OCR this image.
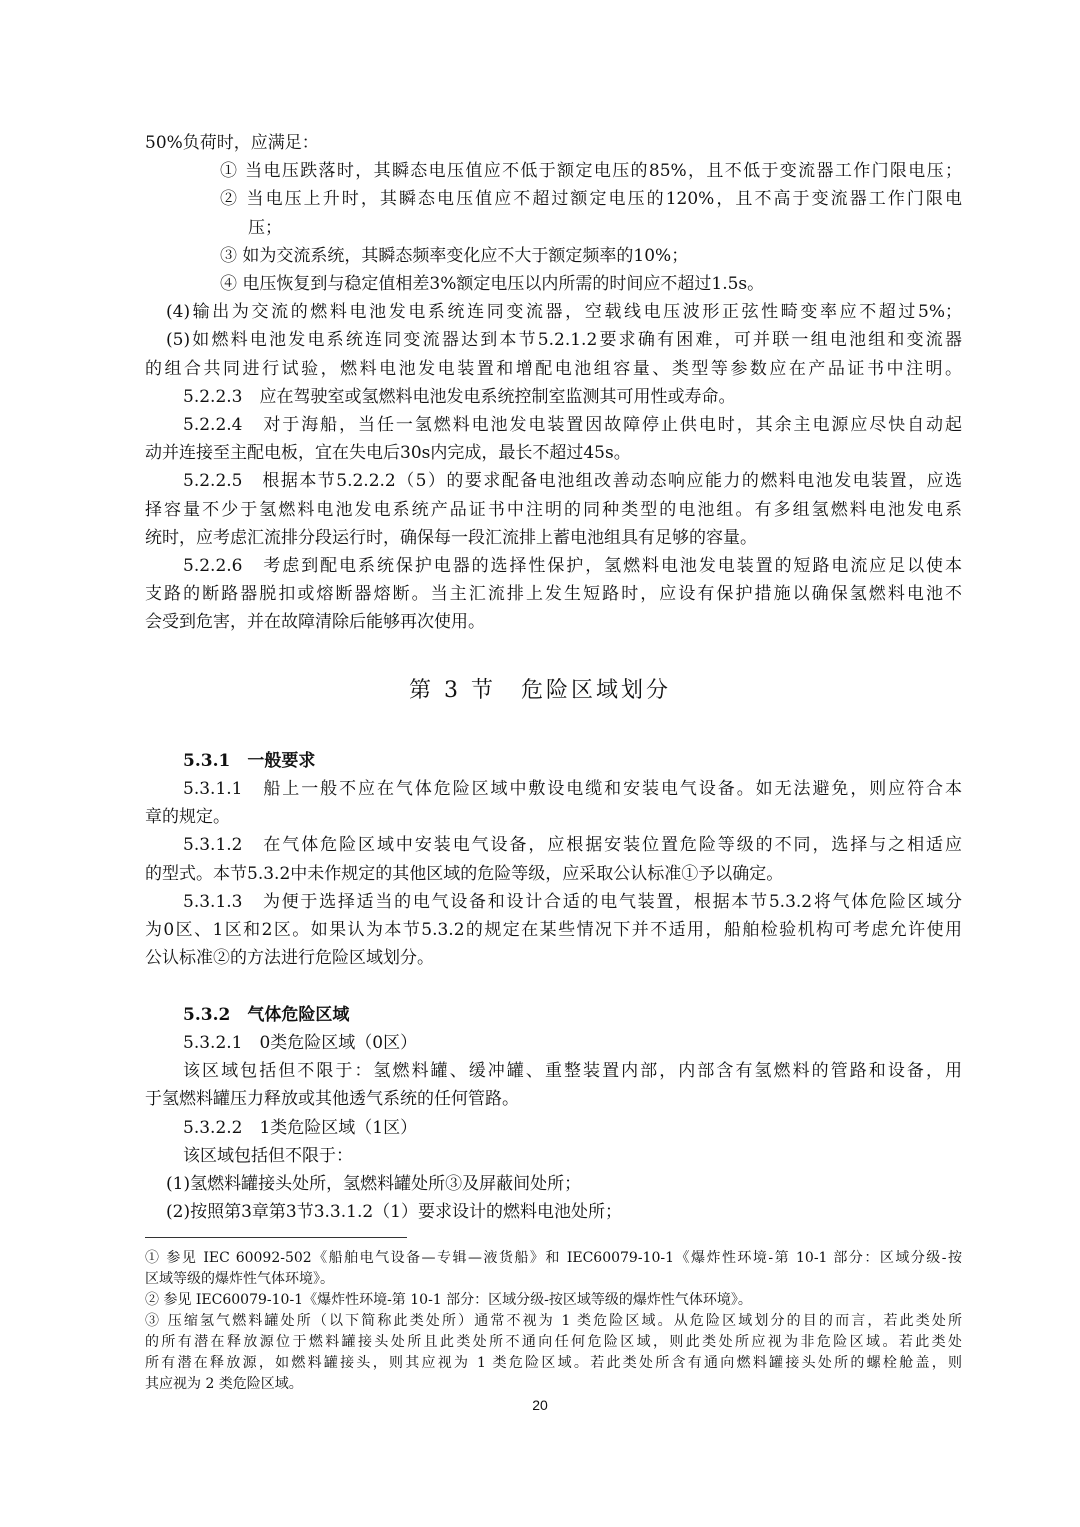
50%负荷时，应满足：
① 当电压跌落时，其瞬态电压值应不低于额定电压的85%，且不低于变流器工作门限电压；
② 当电压上升时，其瞬态电压值应不超过额定电压的120%，且不高于变流器工作门限电
压；
③ 如为交流系统，其瞬态频率变化应不大于额定频率的10%；
④ 电压恢复到与稳定值相差3%额定电压以内所需的时间应不超过1.5s。
(4)输出为交流的燃料电池发电系统连同变流器，空载线电压波形正弦性畸变率应不超过5%；
(5)如燃料电池发电系统连同变流器达到本节5.2.1.2要求确有困难，可并联一组电池组和变流器
的组合共同进行试验，燃料电池发电装置和增配电池组容量、类型等参数应在产品证书中注明。
5.2.2.3　应在驾驶室或氢燃料电池发电系统控制室监测其可用性或寿命。
5.2.2.4　对于海船，当任一氢燃料电池发电装置因故障停止供电时，其余主电源应尽快自动起
动并连接至主配电板，宜在失电后30s内完成，最长不超过45s。
5.2.2.5　根据本节5.2.2.2（5）的要求配备电池组改善动态响应能力的燃料电池发电装置，应选
择容量不少于氢燃料电池发电系统产品证书中注明的同种类型的电池组。有多组氢燃料电池发电系
统时，应考虑汇流排分段运行时，确保每一段汇流排上蓄电池组具有足够的容量。
5.2.2.6　考虑到配电系统保护电器的选择性保护，氢燃料电池发电装置的短路电流应足以使本
支路的断路器脱扣或熔断器熔断。当主汇流排上发生短路时，应设有保护措施以确保氢燃料电池不
会受到危害，并在故障清除后能够再次使用。
第 3 节　危险区域划分
5.3.1　一般要求
5.3.1.1　船上一般不应在气体危险区域中敷设电缆和安装电气设备。如无法避免，则应符合本
章的规定。
5.3.1.2　在气体危险区域中安装电气设备，应根据安装位置危险等级的不同，选择与之相适应
的型式。本节5.3.2中未作规定的其他区域的危险等级，应采取公认标准①予以确定。
5.3.1.3　为便于选择适当的电气设备和设计合适的电气装置，根据本节5.3.2将气体危险区域分
为0区、1区和2区。如果认为本节5.3.2的规定在某些情况下并不适用，船舶检验机构可考虑允许使用
公认标准②的方法进行危险区域划分。
5.3.2　气体危险区域
5.3.2.1　0类危险区域（0区）
该区域包括但不限于：氢燃料罐、缓冲罐、重整装置内部，内部含有氢燃料的管路和设备，用
于氢燃料罐压力释放或其他透气系统的任何管路。
5.3.2.2　1类危险区域（1区）
该区域包括但不限于：
(1)氢燃料罐接头处所，氢燃料罐处所③及屏蔽间处所；
(2)按照第3章第3节3.3.1.2（1）要求设计的燃料电池处所；
① 参见 IEC 60092-502《船舶电气设备—专辑—液货船》和 IEC60079-10-1《爆炸性环境-第 10-1 部分：区域分级-按
区域等级的爆炸性气体环境》。
② 参见 IEC60079-10-1《爆炸性环境-第 10-1 部分：区域分级-按区域等级的爆炸性气体环境》。
③ 压缩氢气燃料罐处所（以下简称此类处所）通常不视为 1 类危险区域。从危险区域划分的目的而言，若此类处所
的所有潜在释放源位于燃料罐接头处所且此类处所不通向任何危险区域，则此类处所应视为非危险区域。若此类处
所有潜在释放源，如燃料罐接头，则其应视为 1 类危险区域。若此类处所含有通向燃料罐接头处所的螺栓舱盖，则
其应视为 2 类危险区域。
20
